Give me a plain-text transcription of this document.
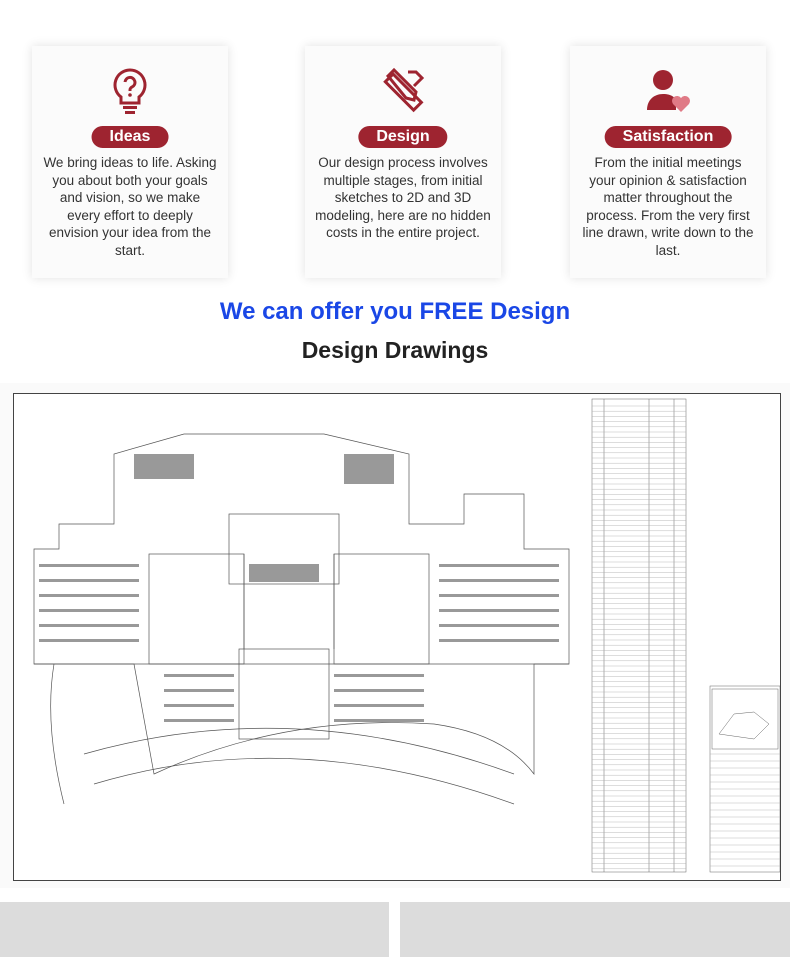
Ideas
We bring ideas to life. Asking you about both your goals and vision, so we make every effort to deeply envision your idea from the start.
Design
Our design process involves multiple stages, from initial sketches to 2D and 3D modeling, here are no hidden costs in the entire project.
Satisfaction
From the initial meetings your opinion & satisfaction matter throughout the process. From the very first line drawn, write down to the last.
We can offer you FREE Design
Design Drawings
